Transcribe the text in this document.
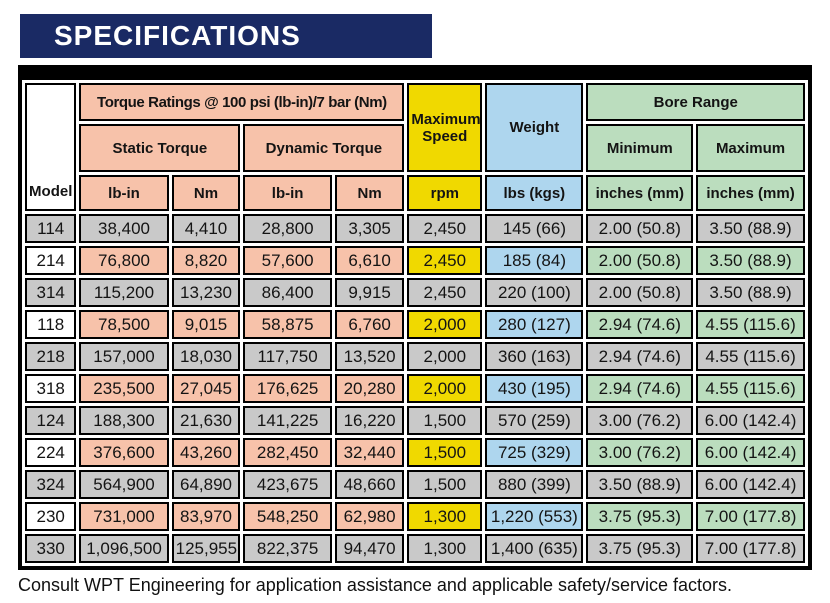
SPECIFICATIONS
Model	Torque Ratings @ 100 psi (lb-in)/7 bar (Nm)				Maximum Speed	Weight	Bore Range	
	Static Torque		Dynamic Torque				Minimum	Maximum
	lb-in	Nm	lb-in	Nm	rpm	lbs (kgs)	inches (mm)	inches (mm)
114	38,400	4,410	28,800	3,305	2,450	145 (66)	2.00 (50.8)	3.50 (88.9)
214	76,800	8,820	57,600	6,610	2,450	185 (84)	2.00 (50.8)	3.50 (88.9)
314	115,200	13,230	86,400	9,915	2,450	220 (100)	2.00 (50.8)	3.50 (88.9)
118	78,500	9,015	58,875	6,760	2,000	280 (127)	2.94 (74.6)	4.55 (115.6)
218	157,000	18,030	117,750	13,520	2,000	360 (163)	2.94 (74.6)	4.55 (115.6)
318	235,500	27,045	176,625	20,280	2,000	430 (195)	2.94 (74.6)	4.55 (115.6)
124	188,300	21,630	141,225	16,220	1,500	570 (259)	3.00 (76.2)	6.00 (142.4)
224	376,600	43,260	282,450	32,440	1,500	725 (329)	3.00 (76.2)	6.00 (142.4)
324	564,900	64,890	423,675	48,660	1,500	880 (399)	3.50 (88.9)	6.00 (142.4)
230	731,000	83,970	548,250	62,980	1,300	1,220 (553)	3.75 (95.3)	7.00 (177.8)
330	1,096,500	125,955	822,375	94,470	1,300	1,400 (635)	3.75 (95.3)	7.00 (177.8)
Consult WPT Engineering for application assistance and applicable safety/service factors.
